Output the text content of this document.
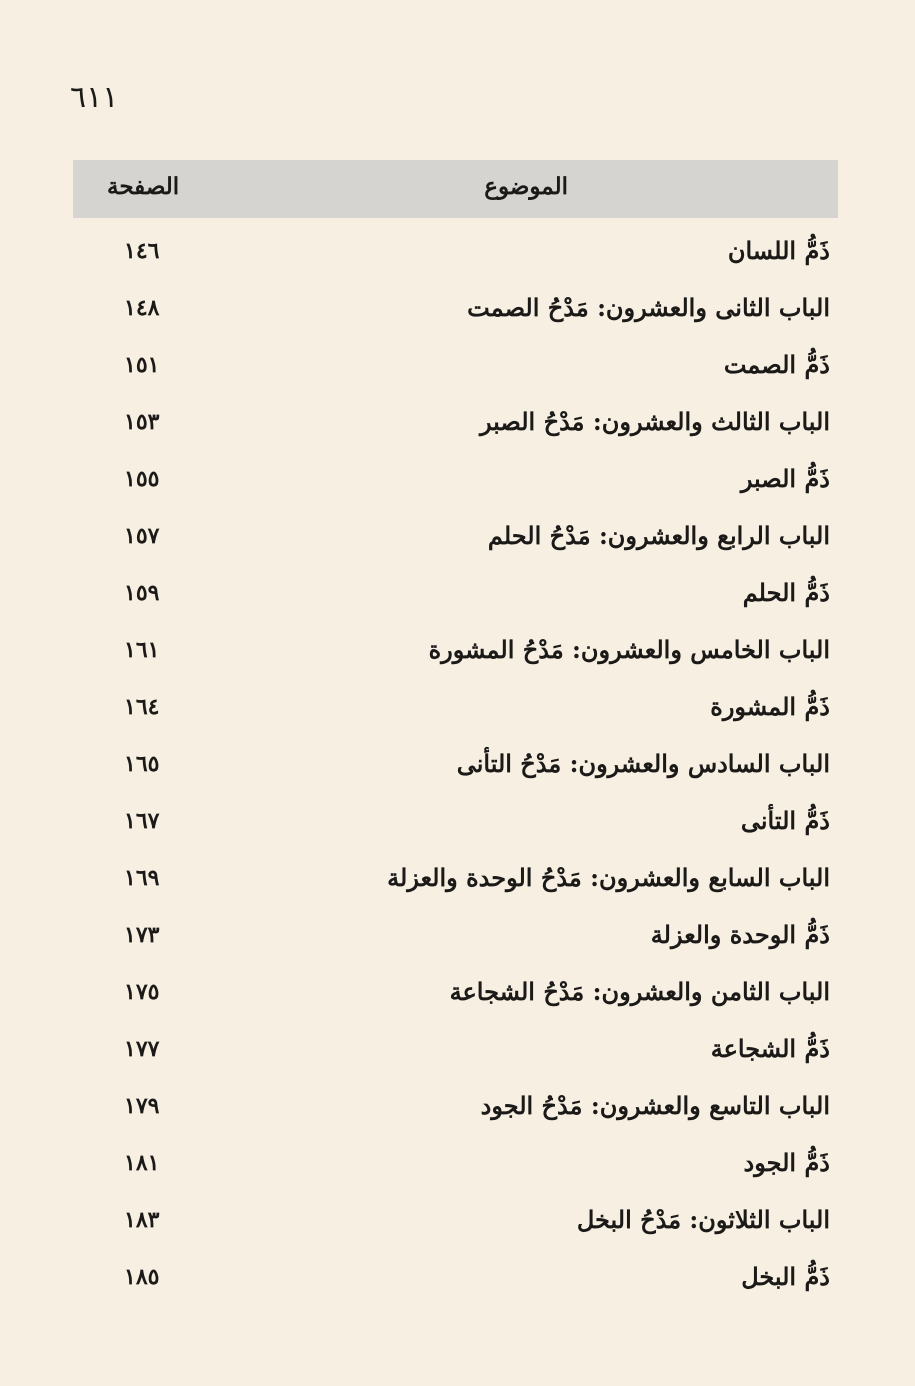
٦١١
الموضوع
الصفحة
ذَمُّ اللسان
١٤٦
الباب الثانى والعشرون: مَدْحُ الصمت
١٤٨
ذَمُّ الصمت
١٥١
الباب الثالث والعشرون: مَدْحُ الصبر
١٥٣
ذَمُّ الصبر
١٥٥
الباب الرابع والعشرون: مَدْحُ الحلم
١٥٧
ذَمُّ الحلم
١٥٩
الباب الخامس والعشرون: مَدْحُ المشورة
١٦١
ذَمُّ المشورة
١٦٤
الباب السادس والعشرون: مَدْحُ التأنى
١٦٥
ذَمُّ التأنى
١٦٧
الباب السابع والعشرون: مَدْحُ الوحدة والعزلة
١٦٩
ذَمُّ الوحدة والعزلة
١٧٣
الباب الثامن والعشرون: مَدْحُ الشجاعة
١٧٥
ذَمُّ الشجاعة
١٧٧
الباب التاسع والعشرون: مَدْحُ الجود
١٧٩
ذَمُّ الجود
١٨١
الباب الثلاثون: مَدْحُ البخل
١٨٣
ذَمُّ البخل
١٨٥
